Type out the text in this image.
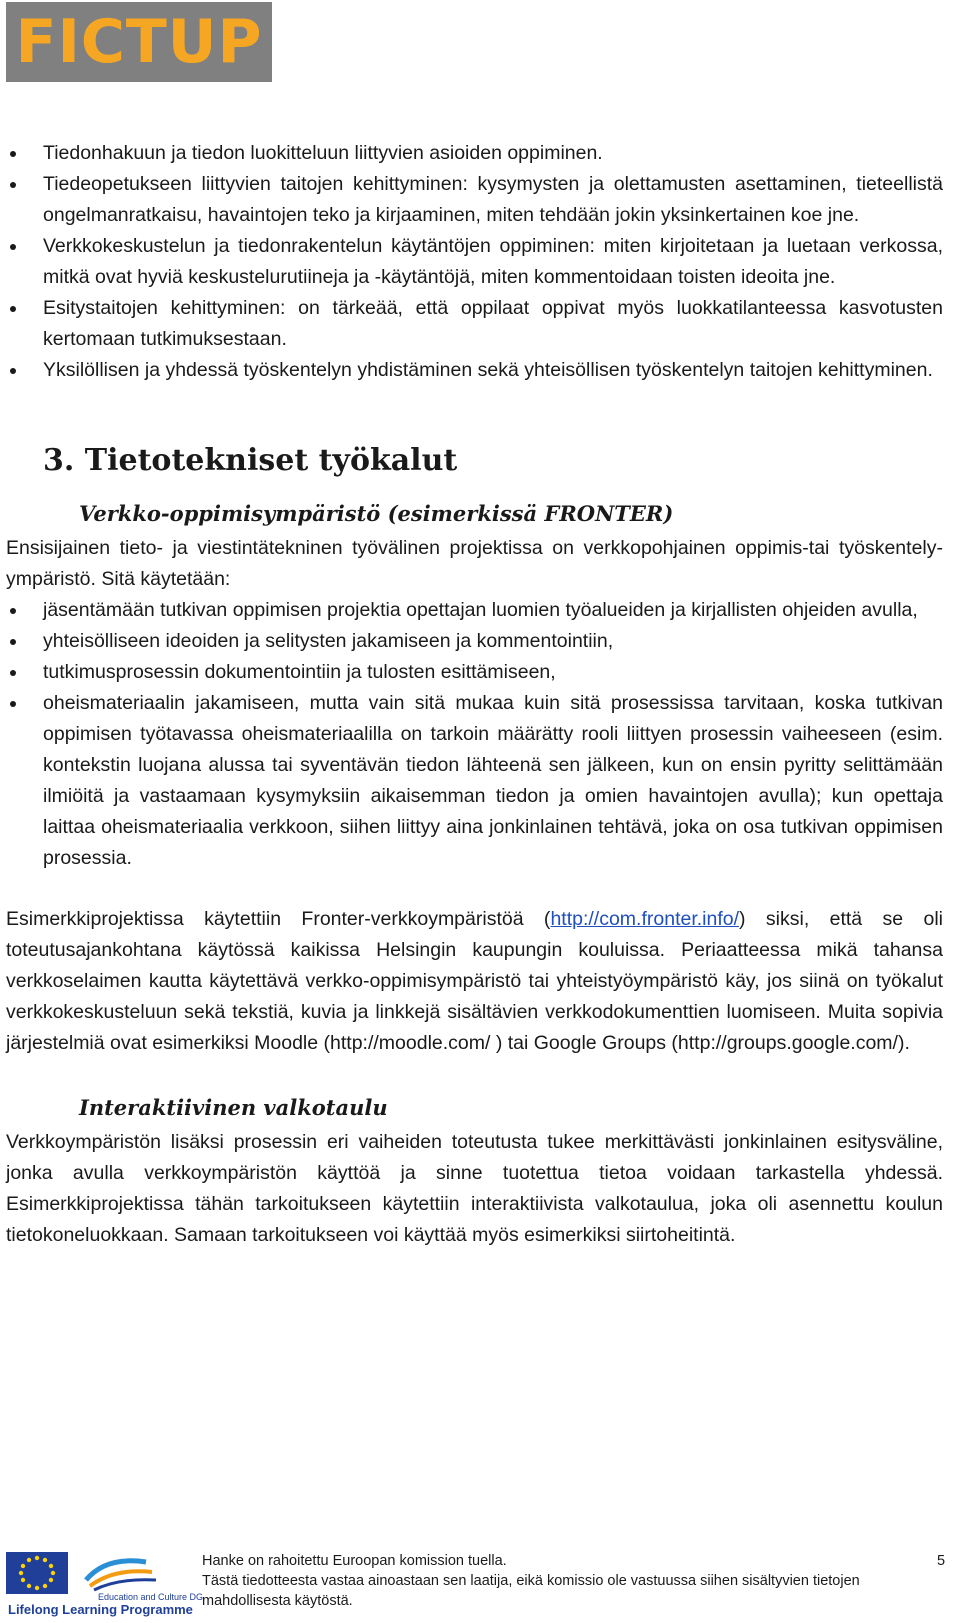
FICTUP
Tiedonhakuun ja tiedon luokitteluun liittyvien asioiden oppiminen.
Tiedeopetukseen liittyvien taitojen kehittyminen: kysymysten ja olettamusten asettaminen, tieteellistä ongelmanratkaisu, havaintojen teko ja kirjaaminen, miten tehdään jokin yksinkertainen koe jne.
Verkkokeskustelun ja tiedonrakentelun käytäntöjen oppiminen: miten kirjoitetaan ja luetaan verkossa, mitkä ovat hyviä keskustelurutiineja ja -käytäntöjä, miten kommentoidaan toisten ideoita jne.
Esitystaitojen kehittyminen: on tärkeää, että oppilaat oppivat myös luokkatilanteessa kasvotusten kertomaan tutkimuksestaan.
Yksilöllisen ja yhdessä työskentelyn yhdistäminen sekä yhteisöllisen työskentelyn taitojen kehittyminen.
3. Tietotekniset työkalut
Verkko-oppimisympäristö (esimerkissä FRONTER)

Ensisijainen tieto- ja viestintätekninen työvälinen projektissa on verkkopohjainen oppimis-tai työskentely-ympäristö. Sitä käytetään:

jäsentämään tutkivan oppimisen projektia opettajan luomien työalueiden ja kirjallisten ohjeiden avulla,
yhteisölliseen ideoiden ja selitysten jakamiseen ja kommentointiin,
tutkimusprosessin dokumentointiin ja tulosten esittämiseen,
oheismateriaalin jakamiseen, mutta vain sitä mukaa kuin sitä prosessissa tarvitaan, koska tutkivan oppimisen työtavassa oheismateriaalilla on tarkoin määrätty rooli liittyen prosessin vaiheeseen (esim. kontekstin luojana alussa tai syventävän tiedon lähteenä sen jälkeen, kun on ensin pyritty selittämään ilmiöitä ja vastaamaan kysymyksiin aikaisemman tiedon ja omien havaintojen avulla); kun opettaja laittaa oheismateriaalia verkkoon, siihen liittyy aina jonkinlainen tehtävä, joka on osa tutkivan oppimisen prosessia.

Esimerkkiprojektissa käytettiin Fronter-verkkoympäristöä (http://com.fronter.info/) siksi, että se oli toteutusajankohtana käytössä kaikissa Helsingin kaupungin kouluissa. Periaatteessa mikä tahansa verkkoselaimen kautta käytettävä verkko-oppimisympäristö tai yhteistyöympäristö käy, jos siinä on työkalut verkkokeskusteluun sekä tekstiä, kuvia ja linkkejä sisältävien verkkodokumenttien luomiseen. Muita sopivia järjestelmiä ovat esimerkiksi Moodle (http://moodle.com/ ) tai Google Groups (http://groups.google.com/).

Interaktiivinen valkotaulu

Verkkoympäristön lisäksi prosessin eri vaiheiden toteutusta tukee merkittävästi jonkinlainen esitysväline, jonka avulla verkkoympäristön käyttöä ja sinne tuotettua tietoa voidaan tarkastella yhdessä. Esimerkkiprojektissa tähän tarkoitukseen käytettiin interaktiivista valkotaulua, joka oli asennettu koulun tietokoneluokkaan. Samaan tarkoitukseen voi käyttää myös esimerkiksi siirtoheitintä.

Education and Culture DG
Lifelong Learning Programme
Hanke on rahoitettu Euroopan komission tuella.
Tästä tiedotteesta vastaa ainoastaan sen laatija, eikä komissio ole vastuussa siihen sisältyvien tietojen mahdollisesta käytöstä.
5
